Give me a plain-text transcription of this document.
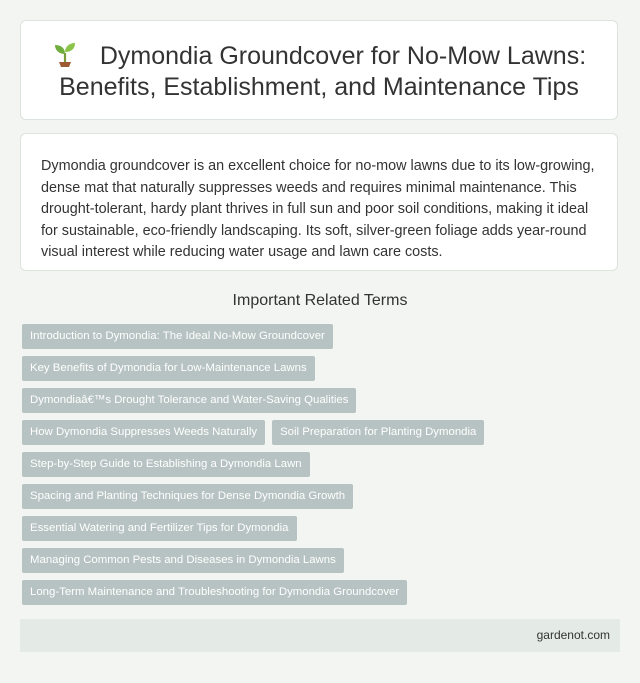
Dymondia Groundcover for No-Mow Lawns: Benefits, Establishment, and Maintenance Tips

Dymondia groundcover is an excellent choice for no-mow lawns due to its low-growing, dense mat that naturally suppresses weeds and requires minimal maintenance. This drought-tolerant, hardy plant thrives in full sun and poor soil conditions, making it ideal for sustainable, eco-friendly landscaping. Its soft, silver-green foliage adds year-round visual interest while reducing water usage and lawn care costs.

Important Related Terms
Introduction to Dymondia: The Ideal No-Mow Groundcover
Key Benefits of Dymondia for Low-Maintenance Lawns
Dymondiaâ€™s Drought Tolerance and Water-Saving Qualities
How Dymondia Suppresses Weeds Naturally	Soil Preparation for Planting Dymondia
Step-by-Step Guide to Establishing a Dymondia Lawn
Spacing and Planting Techniques for Dense Dymondia Growth
Essential Watering and Fertilizer Tips for Dymondia
Managing Common Pests and Diseases in Dymondia Lawns
Long-Term Maintenance and Troubleshooting for Dymondia Groundcover
gardenot.com
